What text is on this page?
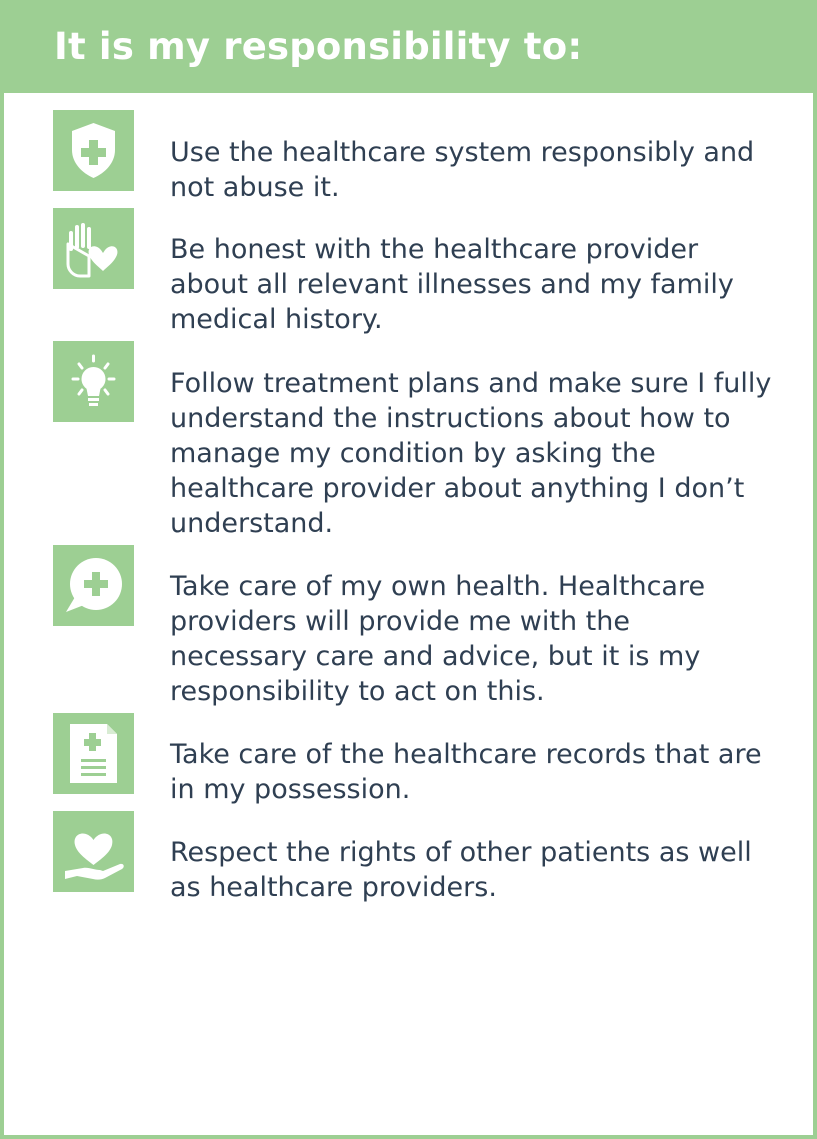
It is my responsibility to:

Use the healthcare system responsibly and not abuse it.

Be honest with the healthcare provider about all relevant illnesses and my family medical history.

Follow treatment plans and make sure I fully understand the instructions about how to manage my condition by asking the healthcare provider about anything I don’t understand.

Take care of my own health. Healthcare providers will provide me with the necessary care and advice, but it is my responsibility to act on this.

Take care of the healthcare records that are in my possession.

Respect the rights of other patients as well as healthcare providers.
